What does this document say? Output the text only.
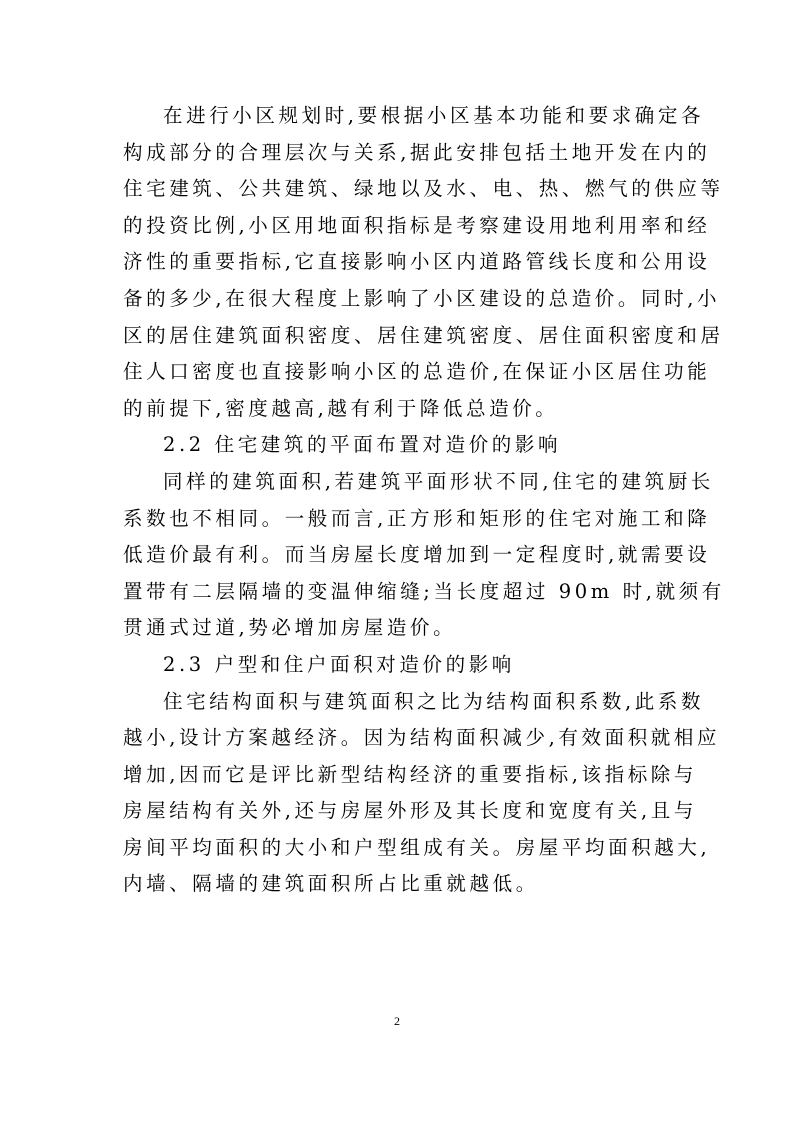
在进行小区规划时,要根据小区基本功能和要求确定各
构成部分的合理层次与关系,据此安排包括土地开发在内的
住宅建筑、公共建筑、绿地以及水、电、热、燃气的供应等
的投资比例,小区用地面积指标是考察建设用地利用率和经
济性的重要指标,它直接影响小区内道路管线长度和公用设
备的多少,在很大程度上影响了小区建设的总造价。同时,小
区的居住建筑面积密度、居住建筑密度、居住面积密度和居
住人口密度也直接影响小区的总造价,在保证小区居住功能
的前提下,密度越高,越有利于降低总造价。
2.2 住宅建筑的平面布置对造价的影响
同样的建筑面积,若建筑平面形状不同,住宅的建筑厨长
系数也不相同。一般而言,正方形和矩形的住宅对施工和降
低造价最有利。而当房屋长度增加到一定程度时,就需要设
置带有二层隔墙的变温伸缩缝;当长度超过 90m 时,就须有
贯通式过道,势必增加房屋造价。
2.3 户型和住户面积对造价的影响
住宅结构面积与建筑面积之比为结构面积系数,此系数
越小,设计方案越经济。因为结构面积减少,有效面积就相应
增加,因而它是评比新型结构经济的重要指标,该指标除与
房屋结构有关外,还与房屋外形及其长度和宽度有关,且与
房间平均面积的大小和户型组成有关。房屋平均面积越大,
内墙、隔墙的建筑面积所占比重就越低。
2
